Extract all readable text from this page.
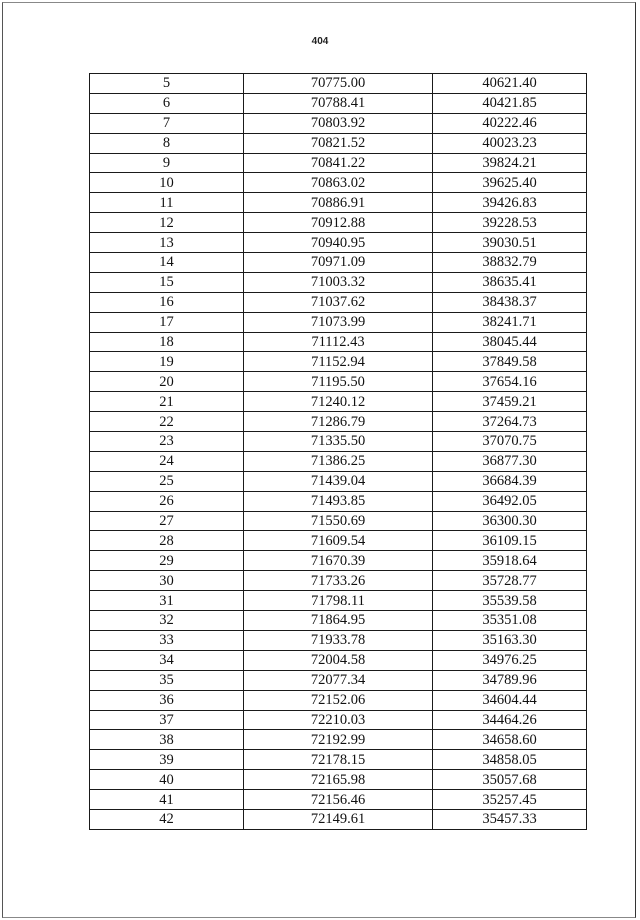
404
5	70775.00	40621.40
6	70788.41	40421.85
7	70803.92	40222.46
8	70821.52	40023.23
9	70841.22	39824.21
10	70863.02	39625.40
11	70886.91	39426.83
12	70912.88	39228.53
13	70940.95	39030.51
14	70971.09	38832.79
15	71003.32	38635.41
16	71037.62	38438.37
17	71073.99	38241.71
18	71112.43	38045.44
19	71152.94	37849.58
20	71195.50	37654.16
21	71240.12	37459.21
22	71286.79	37264.73
23	71335.50	37070.75
24	71386.25	36877.30
25	71439.04	36684.39
26	71493.85	36492.05
27	71550.69	36300.30
28	71609.54	36109.15
29	71670.39	35918.64
30	71733.26	35728.77
31	71798.11	35539.58
32	71864.95	35351.08
33	71933.78	35163.30
34	72004.58	34976.25
35	72077.34	34789.96
36	72152.06	34604.44
37	72210.03	34464.26
38	72192.99	34658.60
39	72178.15	34858.05
40	72165.98	35057.68
41	72156.46	35257.45
42	72149.61	35457.33
